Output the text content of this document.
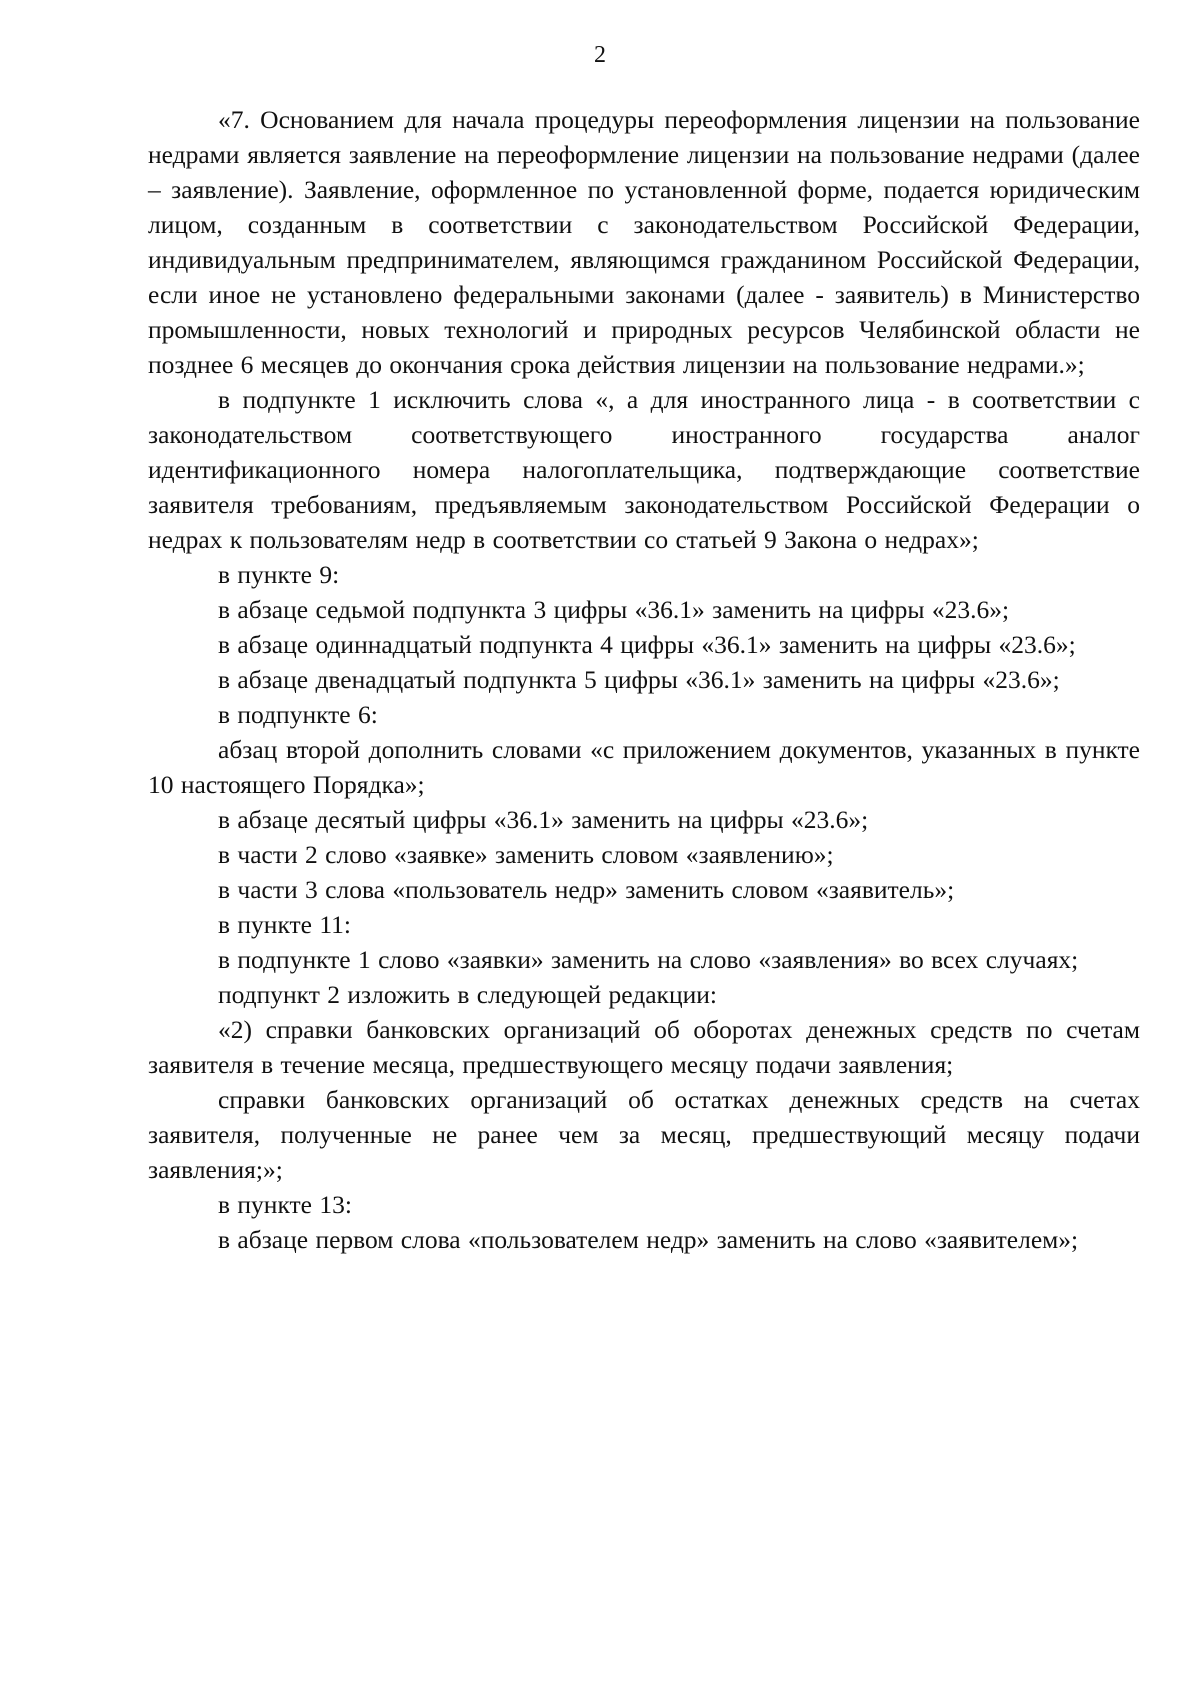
2

«7. Основанием для начала процедуры переоформления лицензии на пользование недрами является заявление на переоформление лицензии на пользование недрами (далее – заявление). Заявление, оформленное по установленной форме, подается юридическим лицом, созданным в соответствии с законодательством Российской Федерации, индивидуальным предпринимателем, являющимся гражданином Российской Федерации, если иное не установлено федеральными законами (далее - заявитель) в Министерство промышленности, новых технологий и природных ресурсов Челябинской области не позднее 6 месяцев до окончания срока действия лицензии на пользование недрами.»;

в подпункте 1 исключить слова «, а для иностранного лица - в соответствии с законодательством соответствующего иностранного государства аналог идентификационного номера налогоплательщика, подтверждающие соответствие заявителя требованиям, предъявляемым законодательством Российской Федерации о недрах к пользователям недр в соответствии со статьей 9 Закона о недрах»;

в пункте 9:

в абзаце седьмой подпункта 3 цифры «36.1» заменить на цифры «23.6»;

в абзаце одиннадцатый подпункта 4 цифры «36.1» заменить на цифры «23.6»;

в абзаце двенадцатый подпункта 5 цифры «36.1» заменить на цифры «23.6»;

в подпункте 6:

абзац второй дополнить словами «с приложением документов, указанных в пункте 10 настоящего Порядка»;

в абзаце десятый цифры «36.1» заменить на цифры «23.6»;

в части 2 слово «заявке» заменить словом «заявлению»;

в части 3 слова «пользователь недр» заменить словом «заявитель»;

в пункте 11:

в подпункте 1 слово «заявки» заменить на слово «заявления» во всех случаях;

подпункт 2 изложить в следующей редакции:

«2) справки банковских организаций об оборотах денежных средств по счетам заявителя в течение месяца, предшествующего месяцу подачи заявления;

справки банковских организаций об остатках денежных средств на счетах заявителя, полученные не ранее чем за месяц, предшествующий месяцу подачи заявления;»;

в пункте 13:

в абзаце первом слова «пользователем недр» заменить на слово «заявителем»;
